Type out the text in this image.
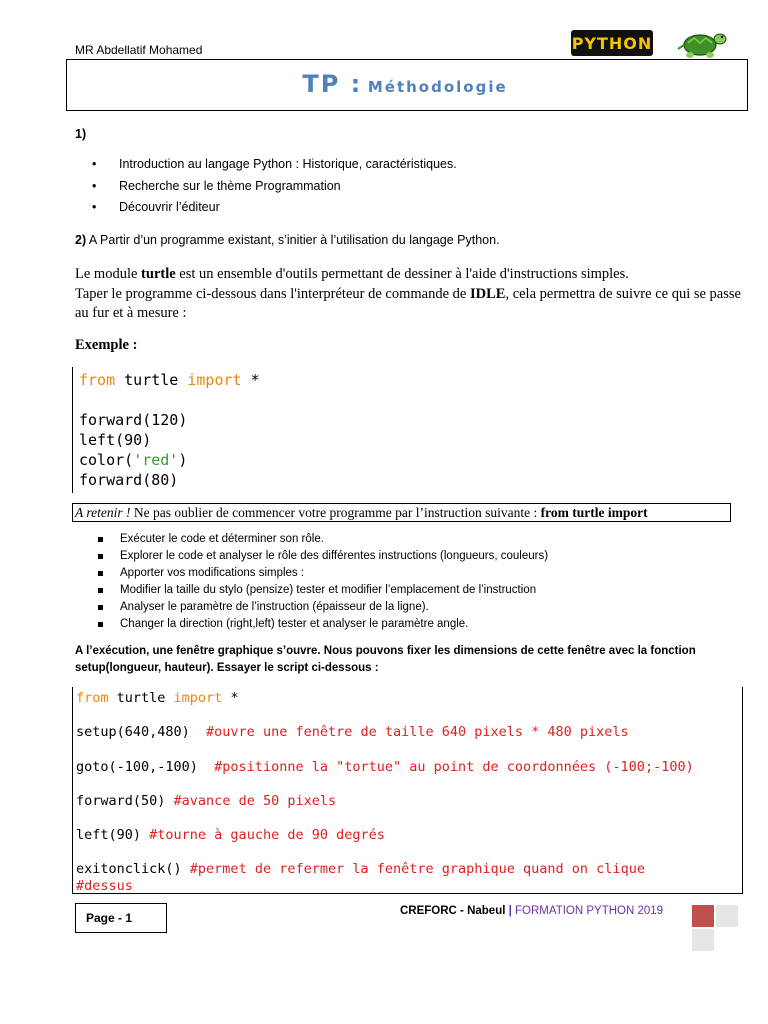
MR Abdellatif Mohamed	PYTHON
TP : Méthodologie
1)
• Introduction au langage Python : Historique, caractéristiques.
• Recherche sur le thème Programmation
• Découvrir l’éditeur
2) A Partir d’un programme existant, s’initier à l’utilisation du langage Python.
Le module turtle est un ensemble d'outils permettant de dessiner à l'aide d'instructions simples.
Taper le programme ci-dessous dans l'interpréteur de commande de IDLE, cela permettra de suivre ce qui se passe au fur et à mesure :
Exemple :
from turtle import *

forward(120)
left(90)
color('red')
forward(80)
A retenir ! Ne pas oublier de commencer votre programme par l’instruction suivante : from turtle import
Exécuter le code et déterminer son rôle.
Explorer le code et analyser le rôle des différentes instructions (longueurs, couleurs)
Apporter vos modifications simples :
Modifier la taille du stylo (pensize) tester et modifier l’emplacement de l’instruction
Analyser le paramètre de l’instruction (épaisseur de la ligne).
Changer la direction (right,left) tester et analyser le paramètre angle.
A l’exécution, une fenêtre graphique s’ouvre. Nous pouvons fixer les dimensions de cette fenêtre avec la fonction setup(longueur, hauteur). Essayer le script ci-dessous :
from turtle import *
setup(640,480)  #ouvre une fenêtre de taille 640 pixels * 480 pixels
goto(-100,-100)  #positionne la "tortue" au point de coordonnées (-100;-100)
forward(50) #avance de 50 pixels
left(90) #tourne à gauche de 90 degrés
exitonclick() #permet de refermer la fenêtre graphique quand on clique
#dessus
Page - 1	CREFORC - Nabeul | FORMATION PYTHON 2019
